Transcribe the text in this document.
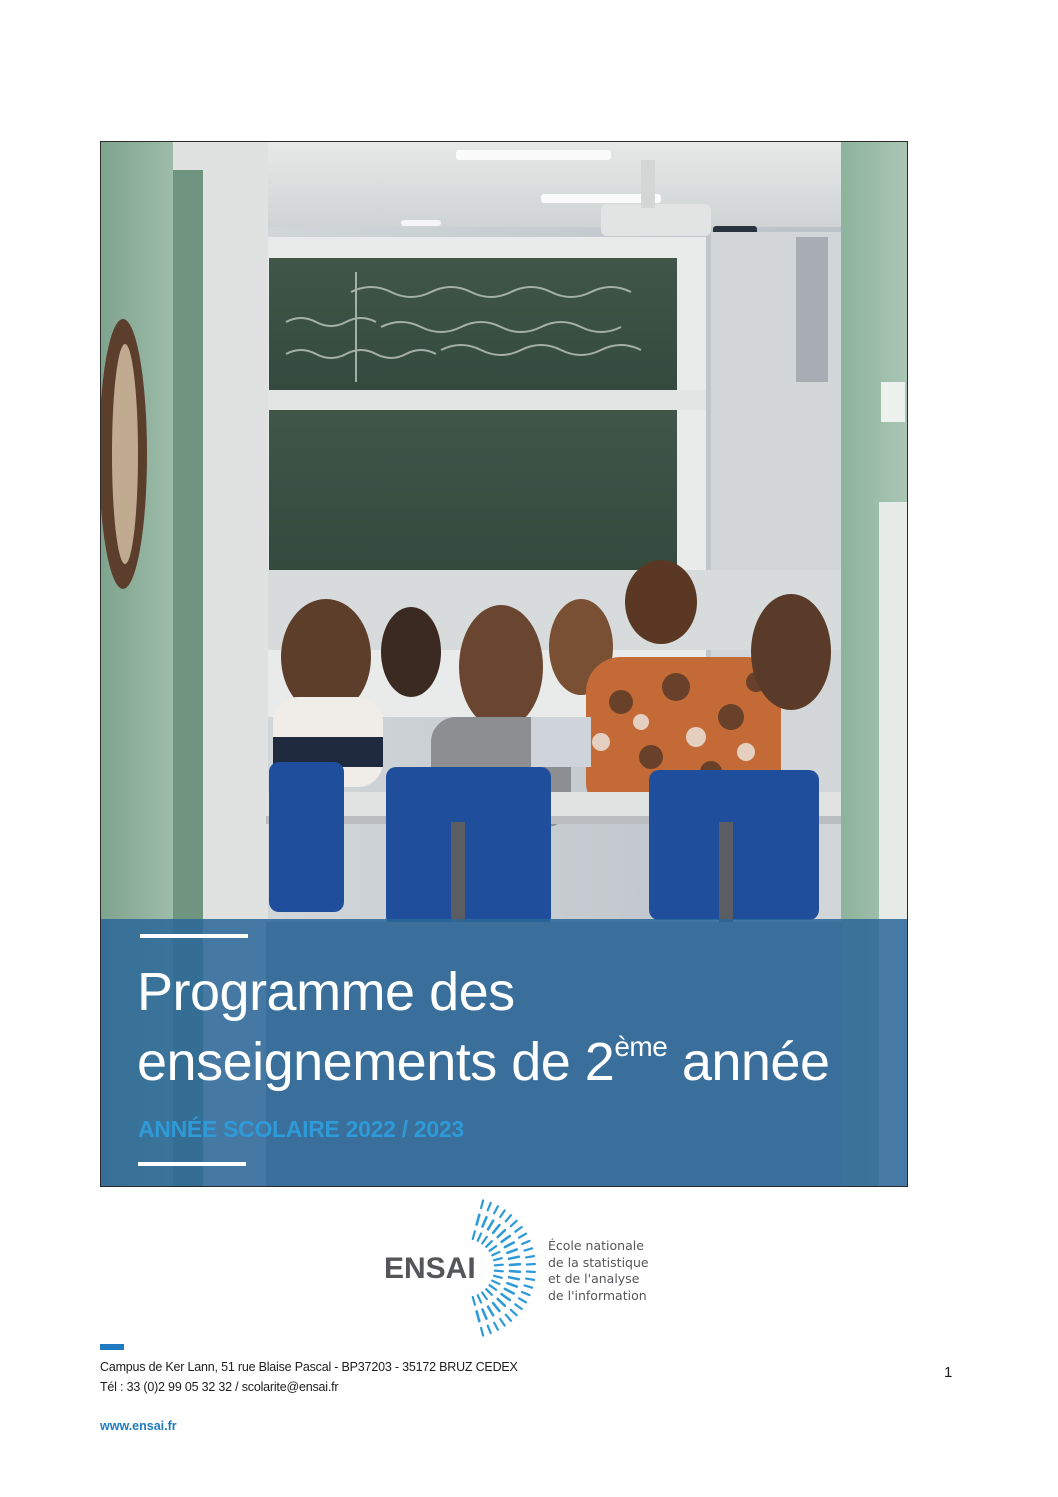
Programme des
enseignements de 2ème année
ANNÉE SCOLAIRE 2022 / 2023
ENSAI
École nationale
de la statistique
et de l'analyse
de l'information
Campus de Ker Lann, 51 rue Blaise Pascal - BP37203 - 35172 BRUZ CEDEX
Tél : 33 (0)2 99 05 32 32 / scolarite@ensai.fr
www.ensai.fr
1
